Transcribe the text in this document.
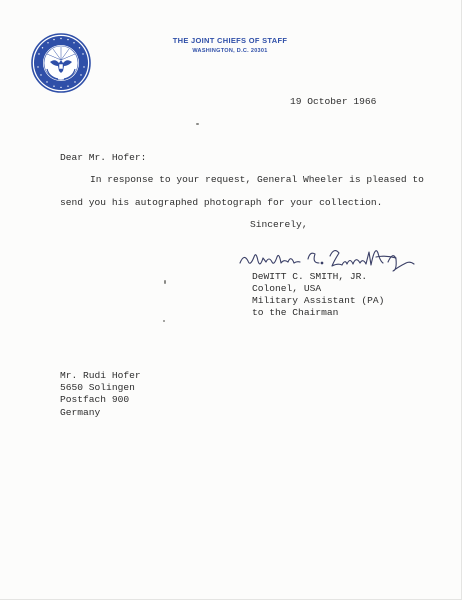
THE JOINT CHIEFS OF STAFF
WASHINGTON, D.C. 20301
19 October 1966
Dear Mr. Hofer:
In response to your request, General Wheeler is pleased to
send you his autographed photograph for your collection.
Sincerely,
DeWITT C. SMITH, JR.
Colonel, USA
Military Assistant (PA)
to the Chairman
Mr. Rudi Hofer
5650 Solingen
Postfach 900
Germany
